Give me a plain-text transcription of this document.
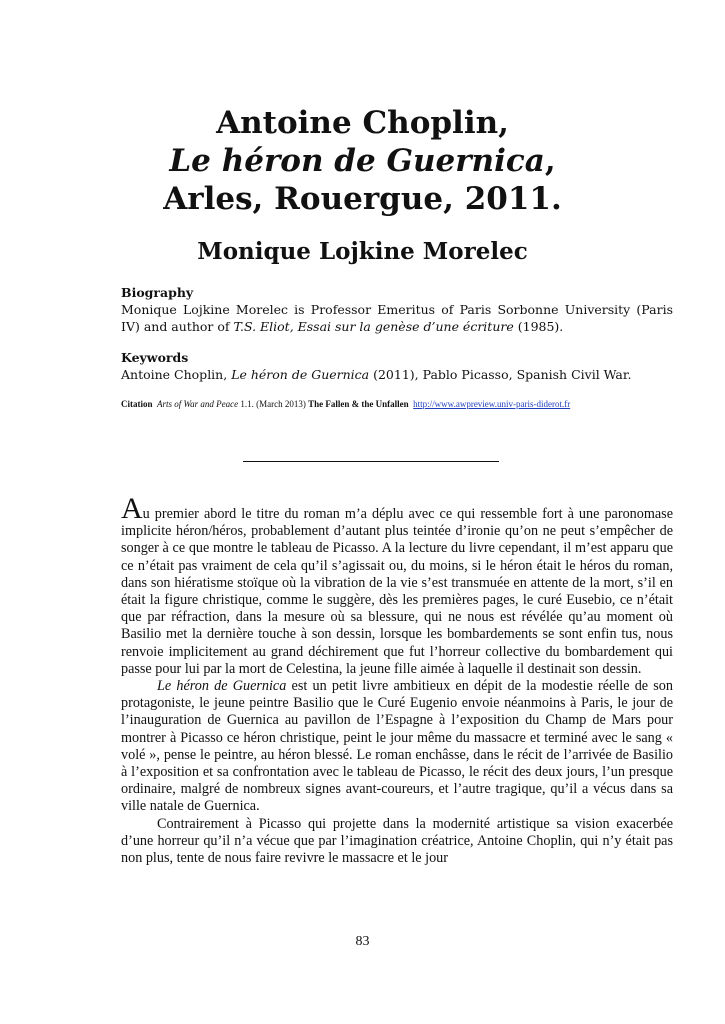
Antoine Choplin,
Le héron de Guernica,
Arles, Rouergue, 2011.
Monique Lojkine Morelec
Biography

Monique Lojkine Morelec is Professor Emeritus of Paris Sorbonne University (Paris IV) and author of T.S. Eliot, Essai sur la genèse d’une écriture (1985).

Keywords

Antoine Choplin, Le héron de Guernica (2011), Pablo Picasso, Spanish Civil War.

Citation Arts of War and Peace 1.1. (March 2013) The Fallen & the Unfallen http://www.awpreview.univ-paris-diderot.fr

Au premier abord le titre du roman m’a déplu avec ce qui ressemble fort à une paronomase implicite héron/héros, probablement d’autant plus teintée d’ironie qu’on ne peut s’empêcher de songer à ce que montre le tableau de Picasso. A la lecture du livre cependant, il m’est apparu que ce n’était pas vraiment de cela qu’il s’agissait ou, du moins, si le héron était le héros du roman, dans son hiératisme stoïque où la vibration de la vie s’est transmuée en attente de la mort, s’il en était la figure christique, comme le suggère, dès les premières pages, le curé Eusebio, ce n’était que par réfraction, dans la mesure où sa blessure, qui ne nous est révélée qu’au moment où Basilio met la dernière touche à son dessin, lorsque les bombardements se sont enfin tus, nous renvoie implicitement au grand déchirement que fut l’horreur collective du bombardement qui passe pour lui par la mort de Celestina, la jeune fille aimée à laquelle il destinait son dessin.

Le héron de Guernica est un petit livre ambitieux en dépit de la modestie réelle de son protagoniste, le jeune peintre Basilio que le Curé Eugenio envoie néanmoins à Paris, le jour de l’inauguration de Guernica au pavillon de l’Espagne à l’exposition du Champ de Mars pour montrer à Picasso ce héron christique, peint le jour même du massacre et terminé avec le sang « volé », pense le peintre, au héron blessé. Le roman enchâsse, dans le récit de l’arrivée de Basilio à l’exposition et sa confrontation avec le tableau de Picasso, le récit des deux jours, l’un presque ordinaire, malgré de nombreux signes avant-coureurs, et l’autre tragique, qu’il a vécus dans sa ville natale de Guernica.

Contrairement à Picasso qui projette dans la modernité artistique sa vision exacerbée d’une horreur qu’il n’a vécue que par l’imagination créatrice, Antoine Choplin, qui n’y était pas non plus, tente de nous faire revivre le massacre et le jour

83
